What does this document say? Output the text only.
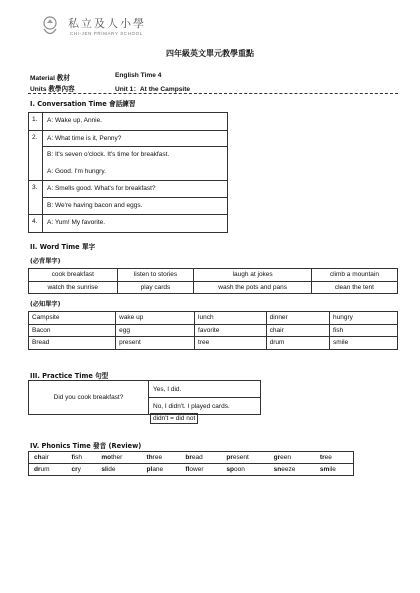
私立及人小學
CHI-JEN PRIMARY SCHOOL
四年級英文單元教學重點
Material 教材	English Time 4
Units 教學內容	Unit 1：At the Campsite
I. Conversation Time 會話練習
1.	A: Wake up, Annie.

2.	A: What time is it, Penny?
B: It's seven o'clock. It's time for breakfast.
A: Good. I'm hungry.

3.	A: Smells good. What's for breakfast?
B: We're having bacon and eggs.

4.	A: Yum! My favorite.
II. Word Time 單字
(必背單字)
cook breakfast	listen to stories	laugh at jokes	climb a mountain
watch the sunrise	play cards	wash the pots and pans	clean the tent
(必知單字)
Campsite	wake up	lunch	dinner	hungry
Bacon	egg	favorite	chair	fish
Bread	present	tree	drum	smile
III. Practice Time 句型
Did you cook breakfast?	Yes, I did.
No, I didn't. I played cards.
didn't = did not
IV. Phonics Time 發音 (Review)
chair	fish	mother	three	bread	present	green	tree
drum	cry	slide	plane	flower	spoon	sneeze	smile
